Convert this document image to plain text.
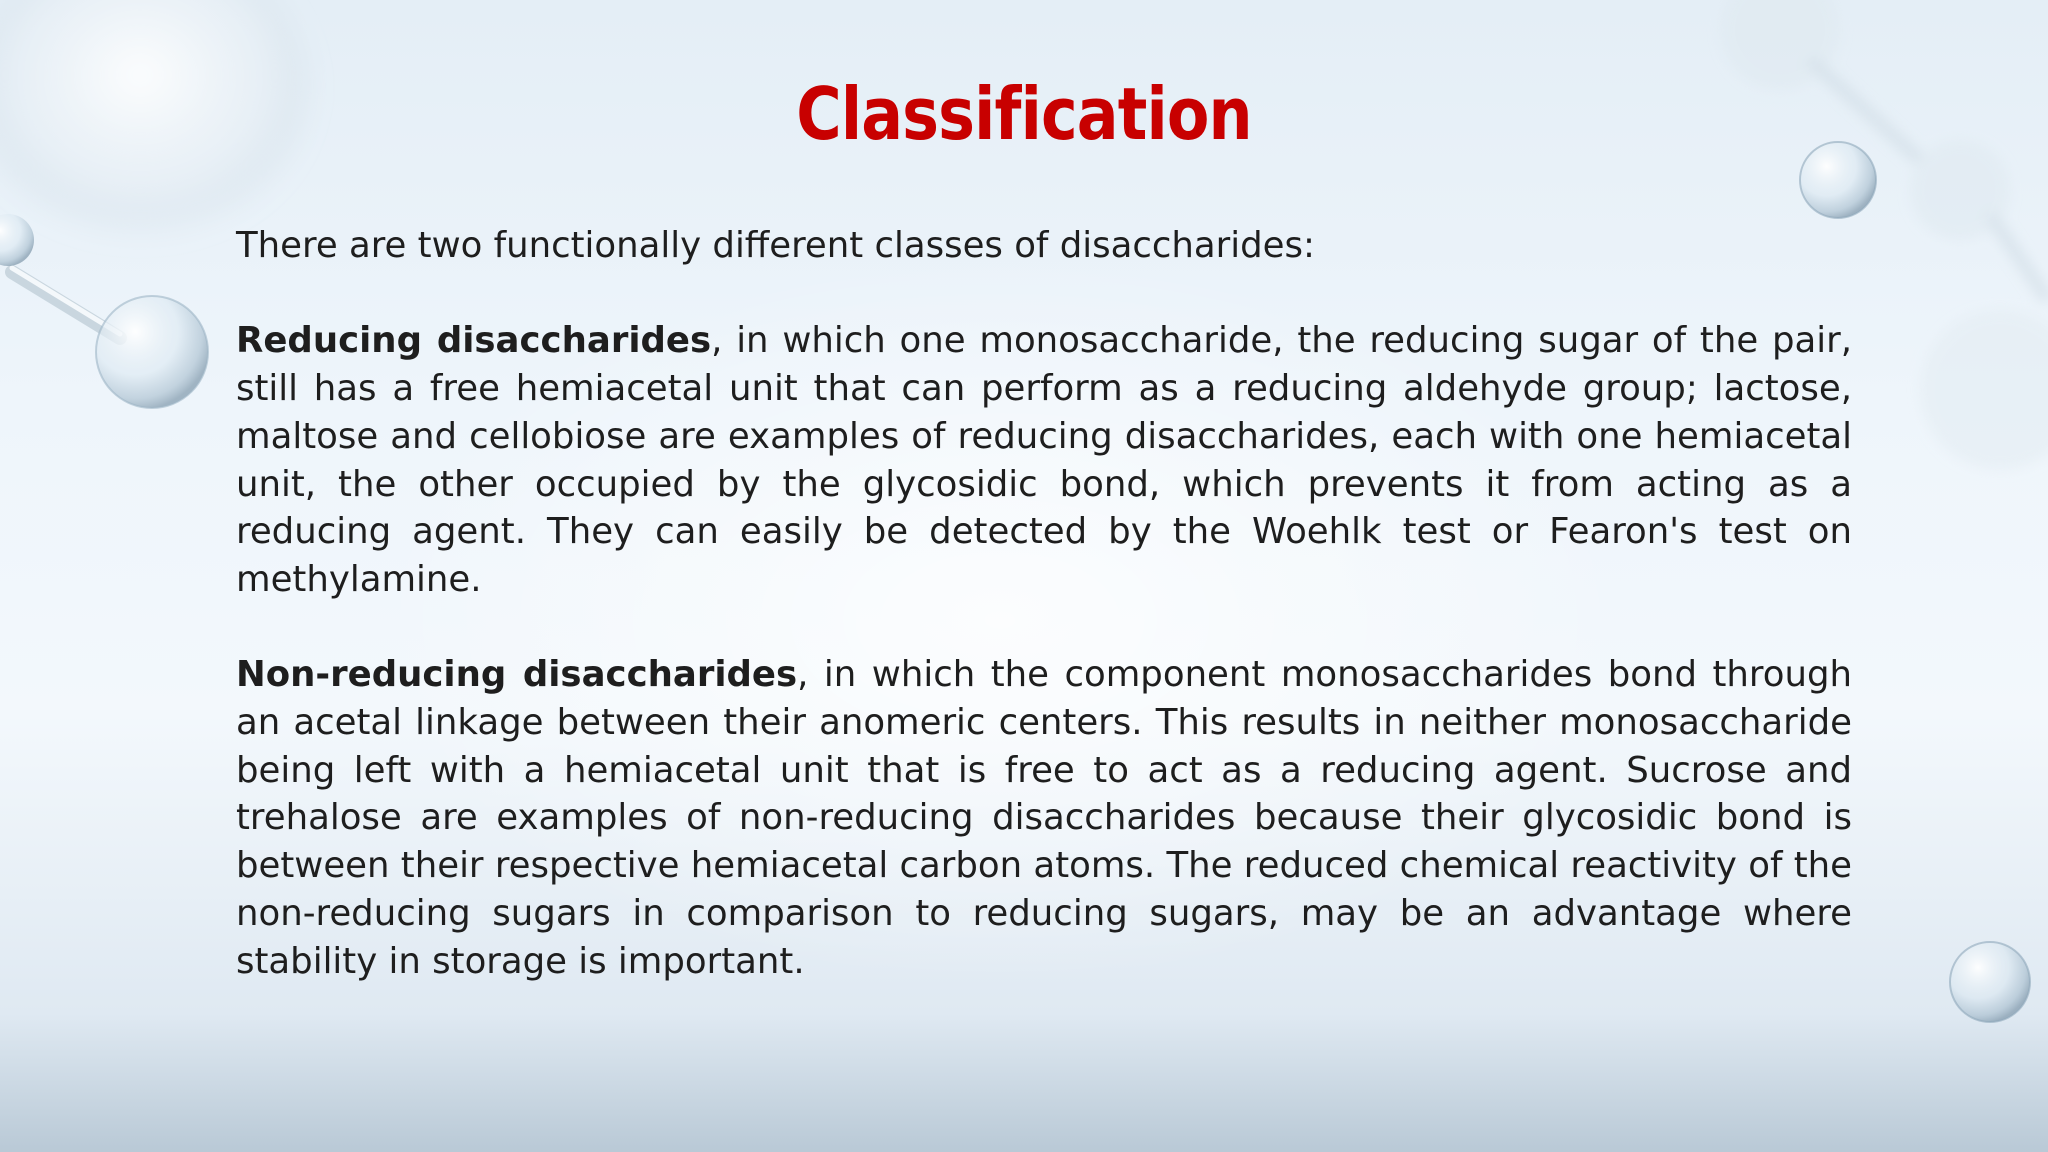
Classification

There are two functionally different classes of disaccharides:

Reducing disaccharides, in which one monosaccharide, the reducing sugar of the pair, still has a free hemiacetal unit that can perform as a reducing aldehyde group; lactose, maltose and cellobiose are examples of reducing disaccharides, each with one hemiacetal unit, the other occupied by the glycosidic bond, which prevents it from acting as a reducing agent. They can easily be detected by the Woehlk test or Fearon's test on methylamine.

Non-reducing disaccharides, in which the component monosaccharides bond through an acetal linkage between their anomeric centers. This results in neither monosaccharide being left with a hemiacetal unit that is free to act as a reducing agent. Sucrose and trehalose are examples of non-reducing disaccharides because their glycosidic bond is between their respective hemiacetal carbon atoms. The reduced chemical reactivity of the non-reducing sugars in comparison to reducing sugars, may be an advantage where stability in storage is important.
